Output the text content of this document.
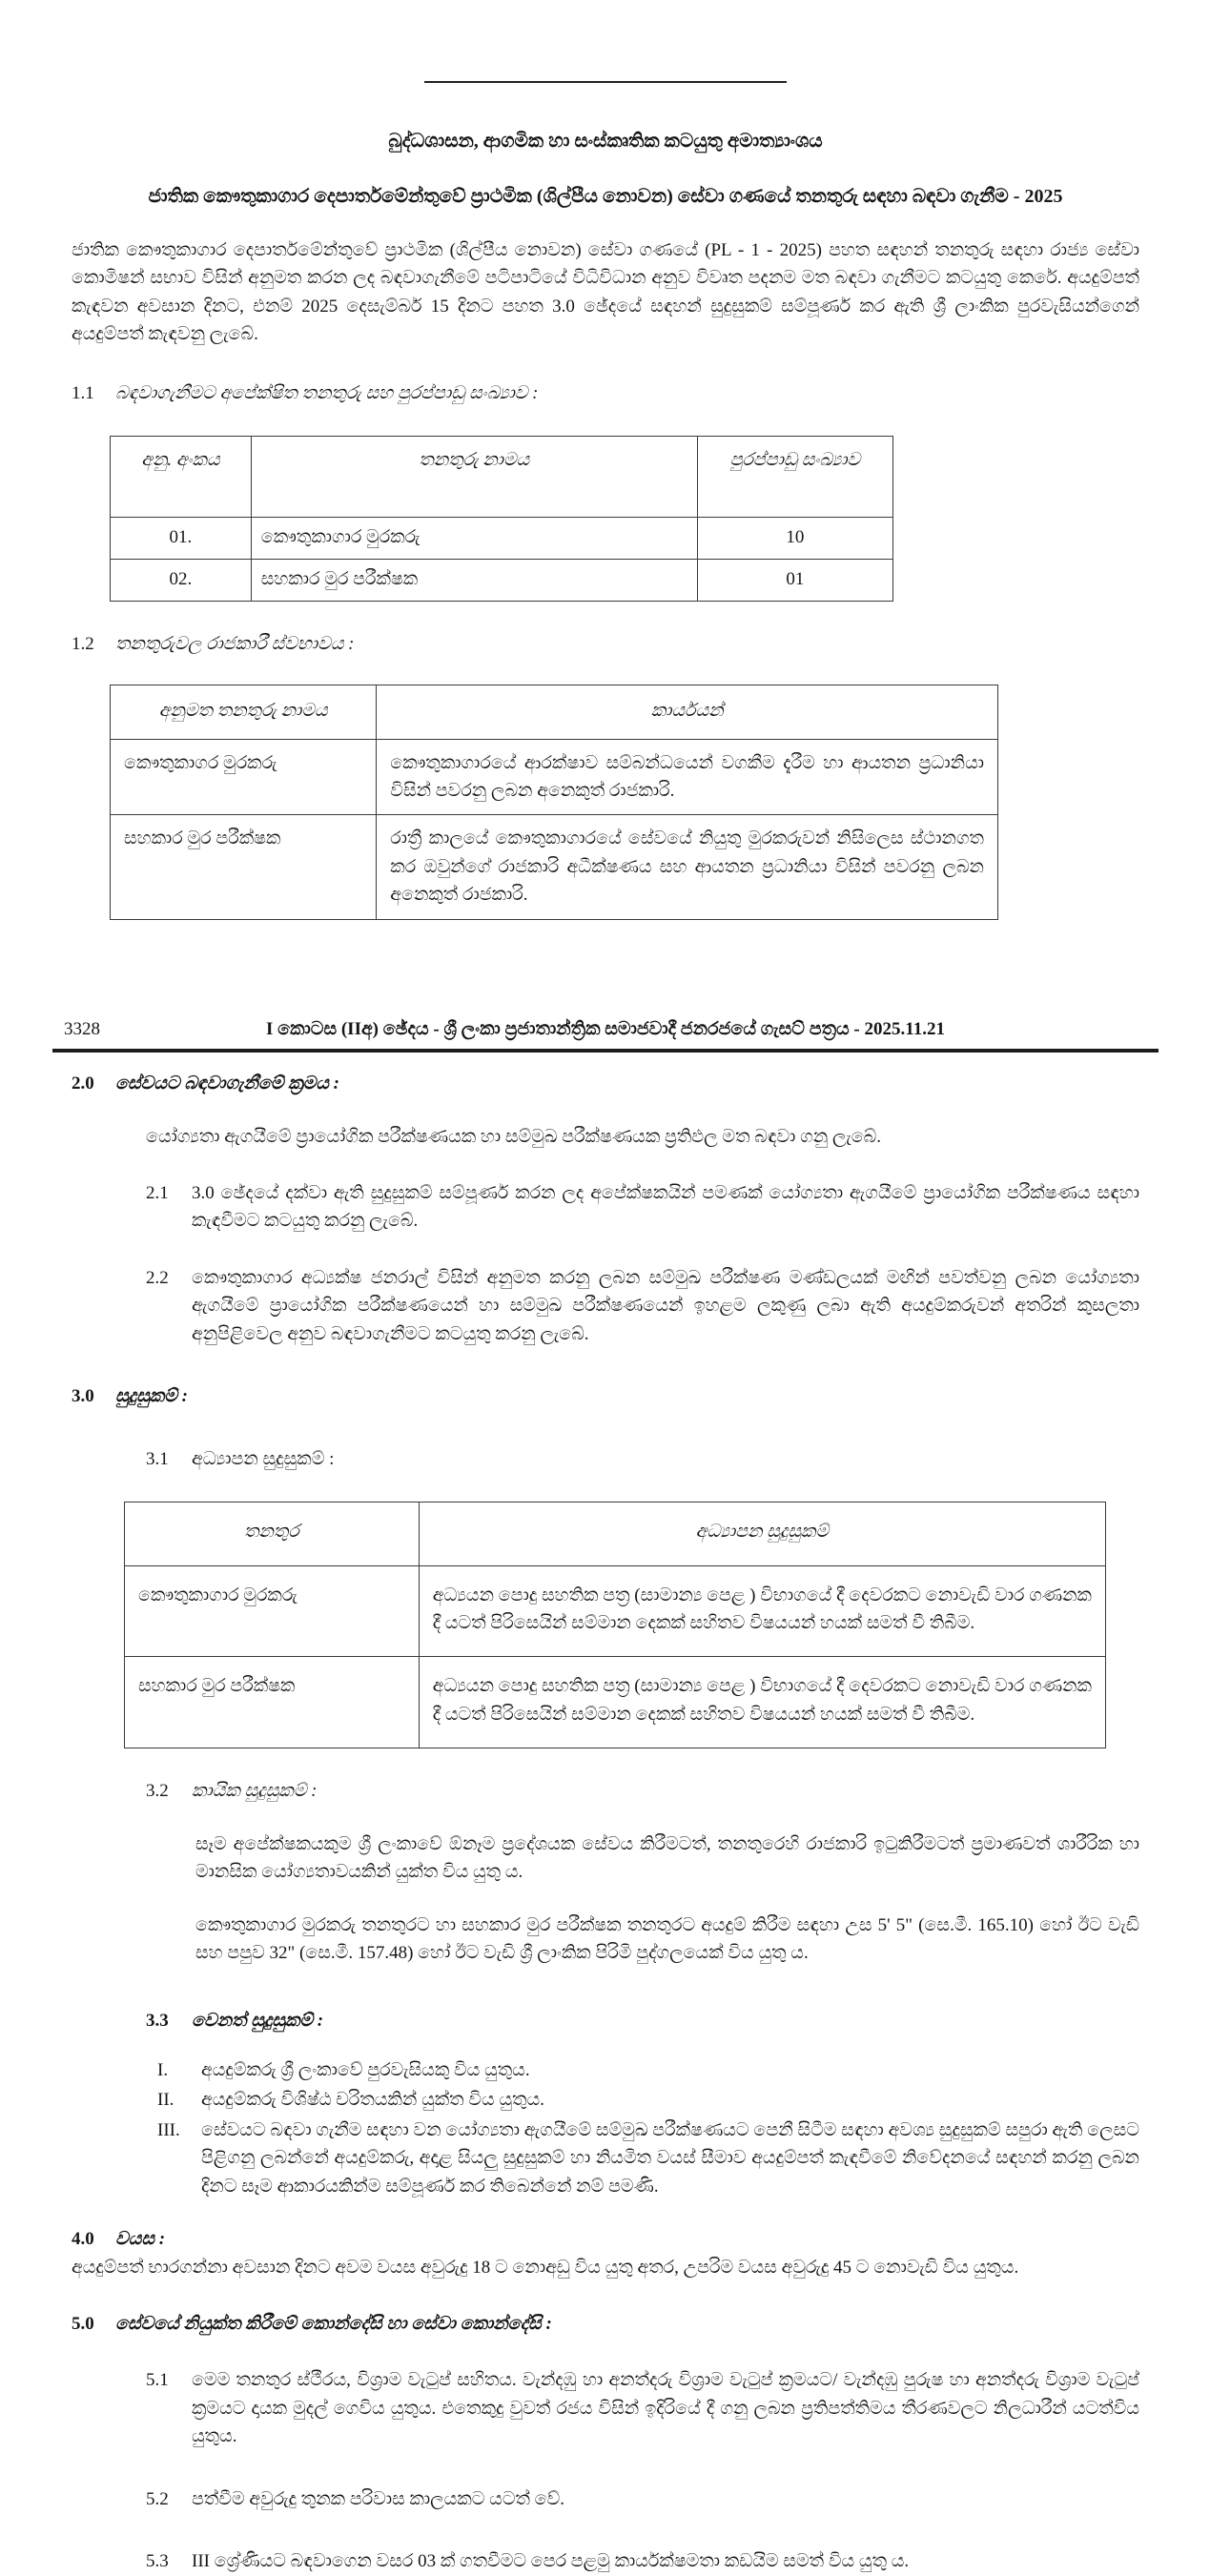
බුද්ධශාසන, ආගමික හා සංස්කෘතික කටයුතු අමාත්‍යාංශය
ජාතික කෞතුකාගාර දෙපාර්තමේන්තුවේ ප්‍රාථමික (ශිල්පීය නොවන) සේවා ගණයේ තනතුරු සඳහා බඳවා ගැනීම - 2025

ජාතික කෞතුකාගාර දෙපාර්තමේන්තුවේ ප්‍රාථමික (ශිල්පීය නොවන) සේවා ගණයේ (PL - 1 - 2025) පහත සඳහන් තනතුරු සඳහා රාජ්‍ය සේවා කොමිෂන් සභාව විසින් අනුමත කරන ලද බඳවාගැනීමේ පටිපාටියේ විධිවිධාන අනුව විවෘත පදනම මත බඳවා ගැනීමට කටයුතු කෙරේ. අයදුම්පත් කැඳවන අවසාන දිනට, එනම් 2025 දෙසැම්බර් 15 දිනට පහත 3.0 ඡේදයේ සඳහන් සුදුසුකම් සම්පූර්ණ කර ඇති ශ්‍රී ලාංකික පුරවැසියන්ගෙන් අයදුම්පත් කැඳවනු ලැබේ.

1.1	බඳවාගැනීමට අපේක්ෂිත තනතුරු සහ පුරප්පාඩු සංඛ්‍යාව :
අනු. අංකය	තනතුරු නාමය	පුරප්පාඩු සංඛ්‍යාව
01.	කෞතුකාගාර මුරකරු	10
02.	සහකාර මුර පරීක්ෂක	01
1.2	තනතුරුවල රාජකාරී ස්වභාවය :
අනුමත තනතුරු නාමය	කාර්යයන්
කෞතුකාගර මුරකරු	කෞතුකාගාරයේ ආරක්ෂාව සම්බන්ධයෙන් වගකීම දැරීම හා ආයතන ප්‍රධානියා විසින් පවරනු ලබන අනෙකුත් රාජකාරි.
සහකාර මුර පරීක්ෂක	රාත්‍රී කාලයේ කෞතුකාගාරයේ සේවයේ නියුතු මුරකරුවන් නිසිලෙස ස්ථානගත කර ඔවුන්ගේ රාජකාරි අධීක්ෂණය සහ ආයතන ප්‍රධානියා විසින් පවරනු ලබන අනෙකුත් රාජකාරි.
3328	I කොටස (IIඅ) ඡේදය - ශ්‍රී ලංකා ප්‍රජාතාන්ත්‍රික සමාජවාදී ජනරජයේ ගැසට් පත්‍රය - 2025.11.21
2.0	සේවයට බඳවාගැනීමේ ක්‍රමය :

යෝග්‍යතා ඇගයීමේ ප්‍රායෝගික පරීක්ෂණයක හා සම්මුඛ පරීක්ෂණයක ප්‍රතිඵල මත බඳවා ගනු ලැබේ.

2.1	3.0 ඡේදයේ දක්වා ඇති සුදුසුකම් සම්පූර්ණ කරන ලද අපේක්ෂකයින් පමණක් යෝග්‍යතා ඇගයීමේ ප්‍රායෝගික පරීක්ෂණය සඳහා කැඳවීමට කටයුතු කරනු ලැබේ.
2.2	කෞතුකාගාර අධ්‍යක්ෂ ජනරාල් විසින් අනුමත කරනු ලබන සම්මුඛ පරීක්ෂණ මණ්ඩලයක් මඟින් පවත්වනු ලබන යෝග්‍යතා ඇගයීමේ ප්‍රායෝගික පරීක්ෂණයෙන් හා සම්මුඛ පරීක්ෂණයෙන් ඉහළම ලකුණු ලබා ඇති අයදුම්කරුවන් අතරින් කුසලතා අනුපිළිවෙල අනුව බඳවාගැනීමට කටයුතු කරනු ලැබේ.
3.0	සුදුසුකම් :
3.1	අධ්‍යාපන සුදුසුකම් :
තනතුර	අධ්‍යාපන සුදුසුකම්
කෞතුකාගාර මුරකරු	අධ්‍යයන පොදු සහතික පත්‍ර (සාමාන්‍ය පෙළ ) විභාගයේ දී දෙවරකට නොවැඩි වාර ගණනක දී යටත් පිරිසෙයින් සම්මාන දෙකක් සහිතව විෂයයන් හයක් සමත් වී තිබීම.
සහකාර මුර පරීක්ෂක	අධ්‍යයන පොදු සහතික පත්‍ර (සාමාන්‍ය පෙළ ) විභාගයේ දී දෙවරකට නොවැඩි වාර ගණනක දී යටත් පිරිසෙයින් සම්මාන දෙකක් සහිතව විෂයයන් හයක් සමත් වී තිබීම.
3.2	කායික සුදුසුකම් :

සෑම අපේක්ෂකයකුම ශ්‍රී ලංකාවේ ඕනෑම ප්‍රදේශයක සේවය කිරීමටත්, තනතුරෙහි රාජකාරි ඉටුකිරීමටත් ප්‍රමාණවත් ශාරීරික හා මානසික යෝග්‍යතාවයකින් යුක්ත විය යුතු ය.

කෞතුකාගාර මුරකරු තනතුරට හා සහකාර මුර පරීක්ෂක තනතුරට අයදුම් කිරීම සඳහා උස 5' 5" (සෙ.මී. 165.10) හෝ ඊට වැඩි සහ පපුව 32" (සෙ.මී. 157.48) හෝ ඊට වැඩි ශ්‍රී ලාංකික පිරිමි පුද්ගලයෙක් විය යුතු ය.

3.3	වෙනත් සුදුසුකම් :
I.	අයදුම්කරු ශ්‍රී ලංකාවේ පුරවැසියකු විය යුතුය.
II.	අයදුම්කරු විශිෂ්ඨ චරිතයකින් යුක්ත විය යුතුය.
III.	සේවයට බඳවා ගැනීම සඳහා වන යෝග්‍යතා ඇගයීමේ සම්මුඛ පරීක්ෂණයට පෙනී සිටීම සඳහා අවශ්‍ය සුදුසුකම් සපුරා ඇති ලෙසට පිළිගනු ලබන්නේ අයදුම්කරු, අදාළ සියලු සුදුසුකම් හා නියමිත වයස් සීමාව අයදුම්පත් කැඳවීමේ නිවේදනයේ සඳහන් කරනු ලබන දිනට සෑම ආකාරයකින්ම සම්පූර්ණ කර තිබෙන්නේ නම් පමණි.
4.0	වයස :

අයදුම්පත් භාරගන්නා අවසාන දිනට අවම වයස අවුරුදු 18 ට නොඅඩු විය යුතු අතර, උපරිම වයස අවුරුදු 45 ට නොවැඩි විය යුතුය.

5.0	සේවයේ නියුක්ත කිරීමේ කොන්දේසි හා සේවා කොන්දේසි :
5.1	මෙම තනතුර ස්ථීරය, විශ්‍රාම වැටුප් සහිතය. වැන්දඹු හා අනත්දරු විශ්‍රාම වැටුප් ක්‍රමයට/ වැන්දඹු පුරුෂ හා අනත්දරු විශ්‍රාම වැටුප් ක්‍රමයට දායක මුදල් ගෙවිය යුතුය. එතෙකුදු වුවත් රජය විසින් ඉදිරියේ දී ගනු ලබන ප්‍රතිපත්තිමය තීරණවලට නිලධාරීන් යටත්විය යුතුය.
5.2	පත්වීම අවුරුදු තුනක පරිවාස කාලයකට යටත් වේ.
5.3	III ශ්‍රේණියට බඳවාගෙන වසර 03 ක් ගතවීමට පෙර පළමු කාර්යක්ෂමතා කඩයිම සමත් විය යුතු ය.
